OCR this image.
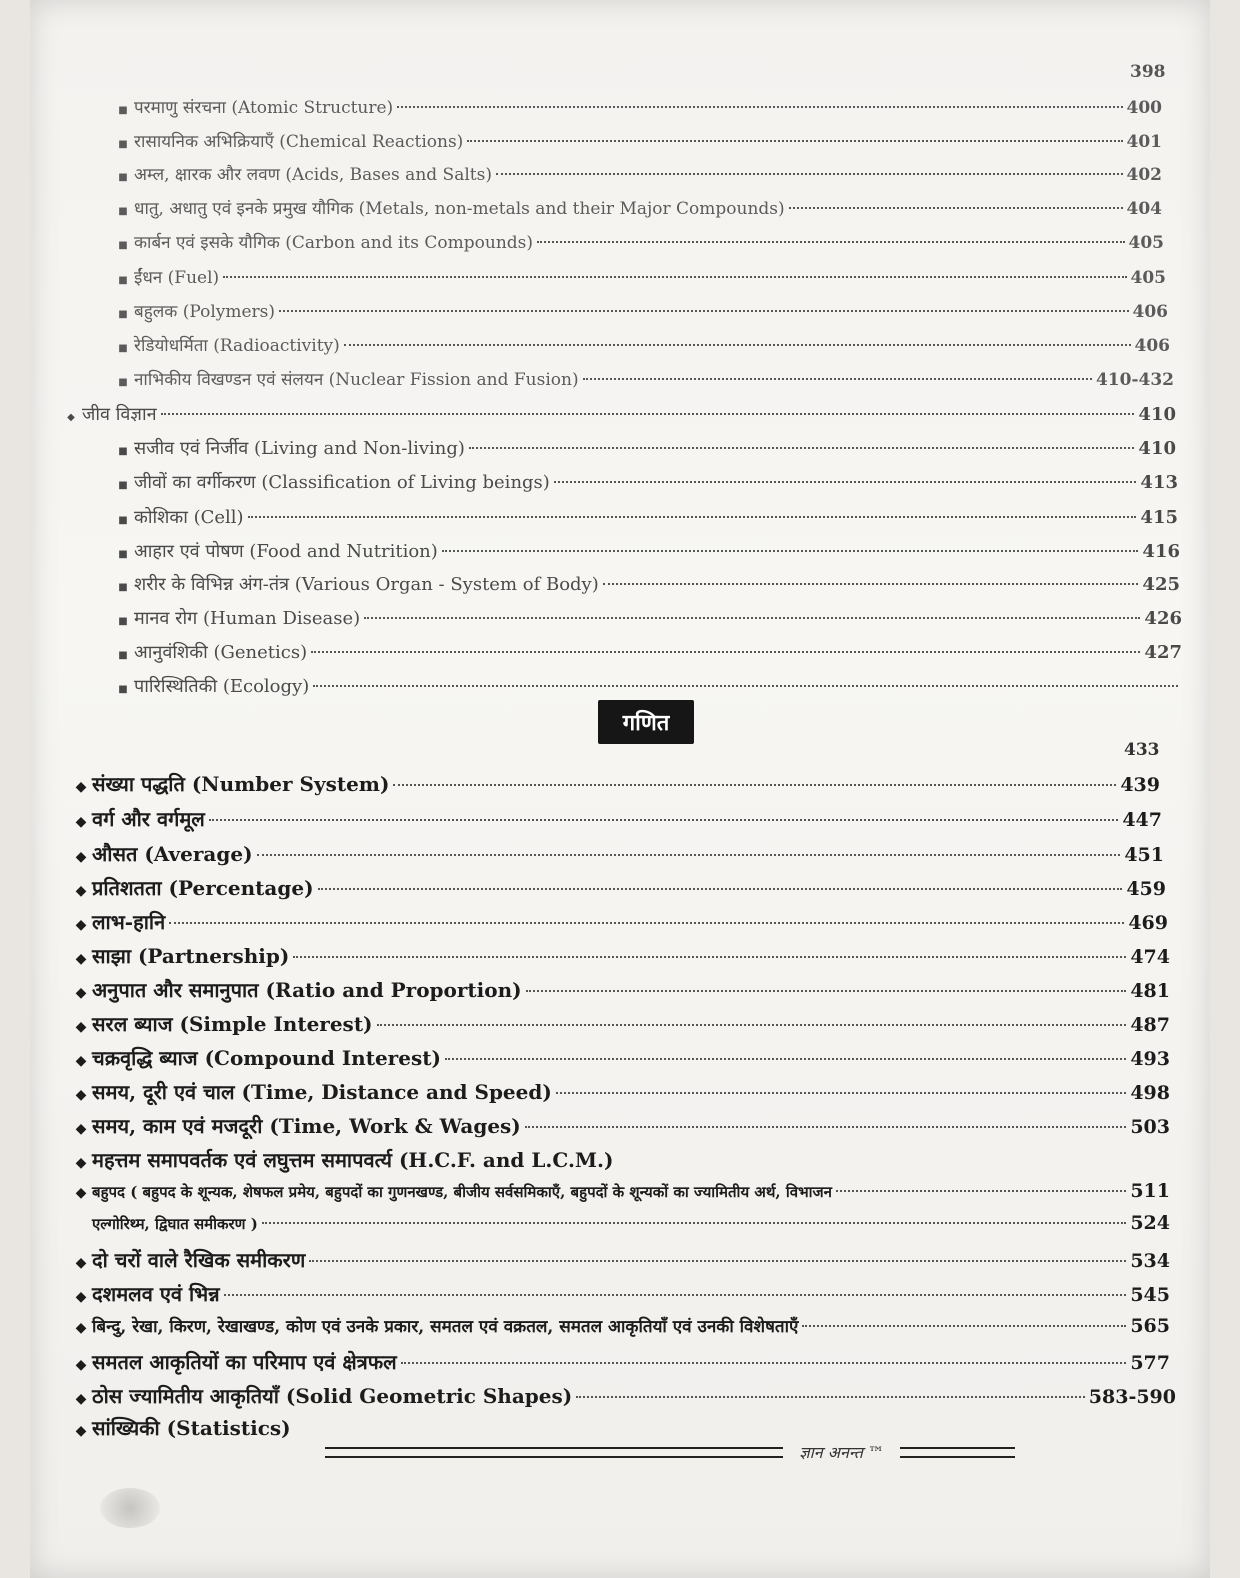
398
■ परमाणु संरचना (Atomic Structure)	400
■ रासायनिक अभिक्रियाएँ (Chemical Reactions)	401
■ अम्ल, क्षारक और लवण (Acids, Bases and Salts)	402
■ धातु, अधातु एवं इनके प्रमुख यौगिक (Metals, non-metals and their Major Compounds)	404
■ कार्बन एवं इसके यौगिक (Carbon and its Compounds)	405
■ ईंधन (Fuel)	405
■ बहुलक (Polymers)	406
■ रेडियोधर्मिता (Radioactivity)	406
■ नाभिकीय विखण्डन एवं संलयन (Nuclear Fission and Fusion)	410-432
◆ जीव विज्ञान	410
■ सजीव एवं निर्जीव (Living and Non-living)	410
■ जीवों का वर्गीकरण (Classification of Living beings)	413
■ कोशिका (Cell)	415
■ आहार एवं पोषण (Food and Nutrition)	416
■ शरीर के विभिन्न अंग-तंत्र (Various Organ - System of Body)	425
■ मानव रोग (Human Disease)	426
■ आनुवंशिकी (Genetics)	427
■ पारिस्थितिकी (Ecology)
गणित
433
◆ संख्या पद्धति (Number System)	439
◆ वर्ग और वर्गमूल	447
◆ औसत (Average)	451
◆ प्रतिशतता (Percentage)	459
◆ लाभ-हानि	469
◆ साझा (Partnership)	474
◆ अनुपात और समानुपात (Ratio and Proportion)	481
◆ सरल ब्याज (Simple Interest)	487
◆ चक्रवृद्धि ब्याज (Compound Interest)	493
◆ समय, दूरी एवं चाल (Time, Distance and Speed)	498
◆ समय, काम एवं मजदूरी (Time, Work & Wages)	503
◆ महत्तम समापवर्तक एवं लघुत्तम समापवर्त्य (H.C.F. and L.C.M.)
◆ बहुपद ( बहुपद के शून्यक, शेषफल प्रमेय, बहुपदों का गुणनखण्ड, बीजीय सर्वसमिकाएँ, बहुपदों के शून्यकों का ज्यामितीय अर्थ, विभाजन	511
एल्गोरिथ्म, द्विघात समीकरण )	524
◆ दो चरों वाले रैखिक समीकरण	534
◆ दशमलव एवं भिन्न	545
◆ बिन्दु, रेखा, किरण, रेखाखण्ड, कोण एवं उनके प्रकार, समतल एवं वक्रतल, समतल आकृतियाँ एवं उनकी विशेषताएँ	565
◆ समतल आकृतियों का परिमाप एवं क्षेत्रफल	577
◆ ठोस ज्यामितीय आकृतियाँ (Solid Geometric Shapes)	583-590
◆ सांख्यिकी (Statistics)
ज्ञान अनन्त ™
